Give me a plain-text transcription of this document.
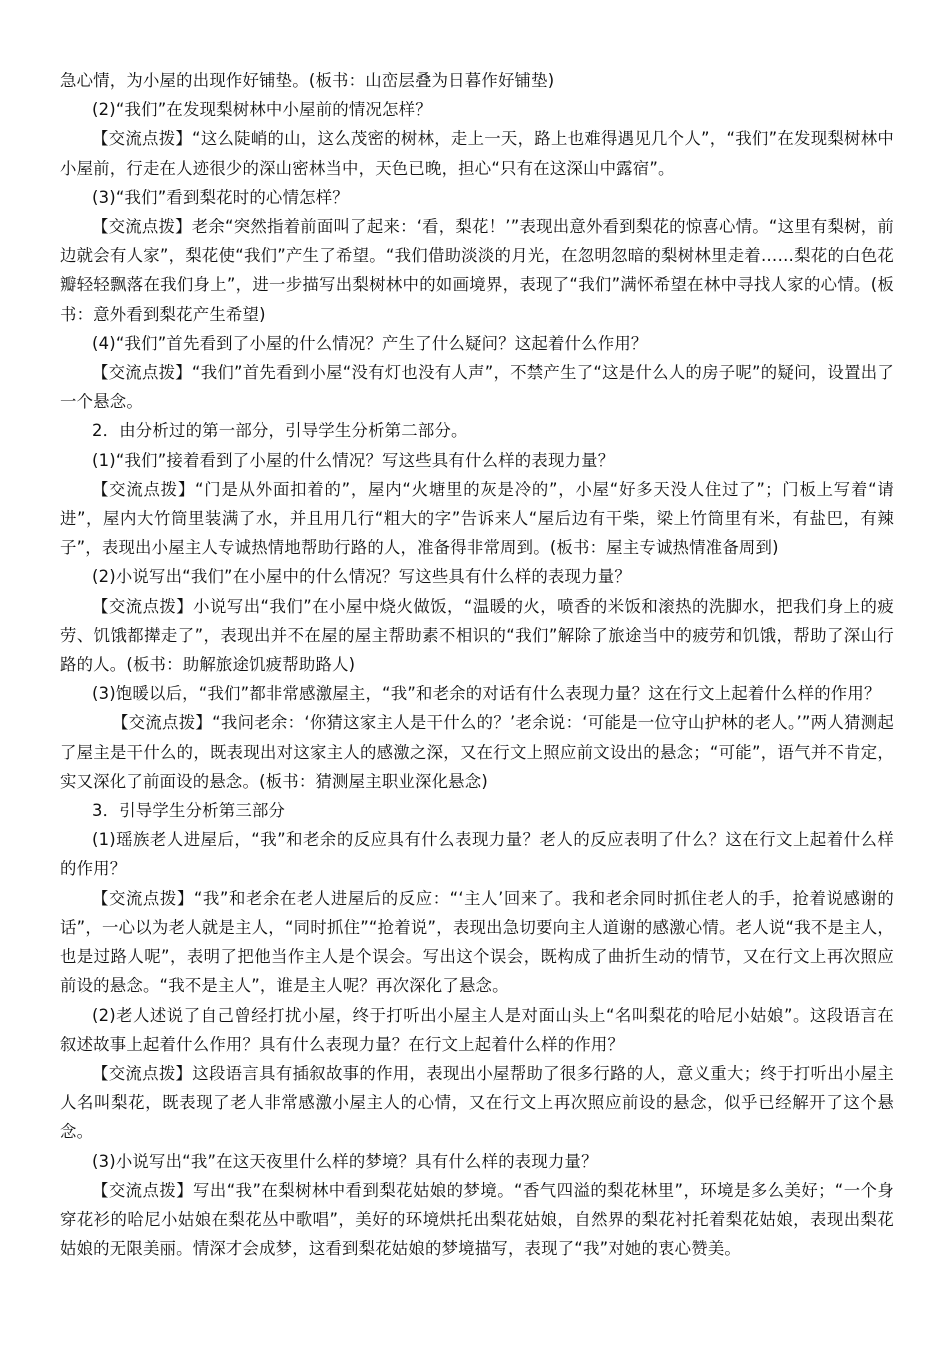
急心情，为小屋的出现作好铺垫。(板书：山峦层叠为日暮作好铺垫)

(2)“我们”在发现梨树林中小屋前的情况怎样？

【交流点拨】“这么陡峭的山，这么茂密的树林，走上一天，路上也难得遇见几个人”，“我们”在发现梨树林中小屋前，行走在人迹很少的深山密林当中，天色已晚，担心“只有在这深山中露宿”。

(3)“我们”看到梨花时的心情怎样？

【交流点拨】老余“突然指着前面叫了起来：‘看，梨花！’”表现出意外看到梨花的惊喜心情。“这里有梨树，前边就会有人家”，梨花使“我们”产生了希望。“我们借助淡淡的月光，在忽明忽暗的梨树林里走着……梨花的白色花瓣轻轻飘落在我们身上”，进一步描写出梨树林中的如画境界，表现了“我们”满怀希望在林中寻找人家的心情。(板书：意外看到梨花产生希望)

(4)“我们”首先看到了小屋的什么情况？产生了什么疑问？这起着什么作用？

【交流点拨】“我们”首先看到小屋“没有灯也没有人声”，不禁产生了“这是什么人的房子呢”的疑问，设置出了一个悬念。

2．由分析过的第一部分，引导学生分析第二部分。

(1)“我们”接着看到了小屋的什么情况？写这些具有什么样的表现力量？

【交流点拨】“门是从外面扣着的”，屋内“火塘里的灰是冷的”，小屋“好多天没人住过了”；门板上写着“请进”，屋内大竹筒里装满了水，并且用几行“粗大的字”告诉来人“屋后边有干柴，梁上竹筒里有米，有盐巴，有辣子”，表现出小屋主人专诚热情地帮助行路的人，准备得非常周到。(板书：屋主专诚热情准备周到)

(2)小说写出“我们”在小屋中的什么情况？写这些具有什么样的表现力量？

【交流点拨】小说写出“我们”在小屋中烧火做饭，“温暖的火，喷香的米饭和滚热的洗脚水，把我们身上的疲劳、饥饿都撵走了”，表现出并不在屋的屋主帮助素不相识的“我们”解除了旅途当中的疲劳和饥饿，帮助了深山行路的人。(板书：助解旅途饥疲帮助路人)

(3)饱暖以后，“我们”都非常感激屋主，“我”和老余的对话有什么表现力量？这在行文上起着什么样的作用？

【交流点拨】“我问老余：‘你猜这家主人是干什么的？’老余说：‘可能是一位守山护林的老人。’”两人猜测起了屋主是干什么的，既表现出对这家主人的感激之深，又在行文上照应前文设出的悬念；“可能”，语气并不肯定，实又深化了前面设的悬念。(板书：猜测屋主职业深化悬念)

3．引导学生分析第三部分

(1)瑶族老人进屋后，“我”和老余的反应具有什么表现力量？老人的反应表明了什么？这在行文上起着什么样的作用？

【交流点拨】“我”和老余在老人进屋后的反应：“‘主人’回来了。我和老余同时抓住老人的手，抢着说感谢的话”，一心以为老人就是主人，“同时抓住”“抢着说”，表现出急切要向主人道谢的感激心情。老人说“我不是主人，也是过路人呢”，表明了把他当作主人是个误会。写出这个误会，既构成了曲折生动的情节，又在行文上再次照应前设的悬念。“我不是主人”，谁是主人呢？再次深化了悬念。

(2)老人述说了自己曾经打扰小屋，终于打听出小屋主人是对面山头上“名叫梨花的哈尼小姑娘”。这段语言在叙述故事上起着什么作用？具有什么表现力量？在行文上起着什么样的作用？

【交流点拨】这段语言具有插叙故事的作用，表现出小屋帮助了很多行路的人，意义重大；终于打听出小屋主人名叫梨花，既表现了老人非常感激小屋主人的心情，又在行文上再次照应前设的悬念，似乎已经解开了这个悬念。

(3)小说写出“我”在这天夜里什么样的梦境？具有什么样的表现力量？

【交流点拨】写出“我”在梨树林中看到梨花姑娘的梦境。“香气四溢的梨花林里”，环境是多么美好；“一个身穿花衫的哈尼小姑娘在梨花丛中歌唱”，美好的环境烘托出梨花姑娘，自然界的梨花衬托着梨花姑娘，表现出梨花姑娘的无限美丽。情深才会成梦，这看到梨花姑娘的梦境描写，表现了“我”对她的衷心赞美。
